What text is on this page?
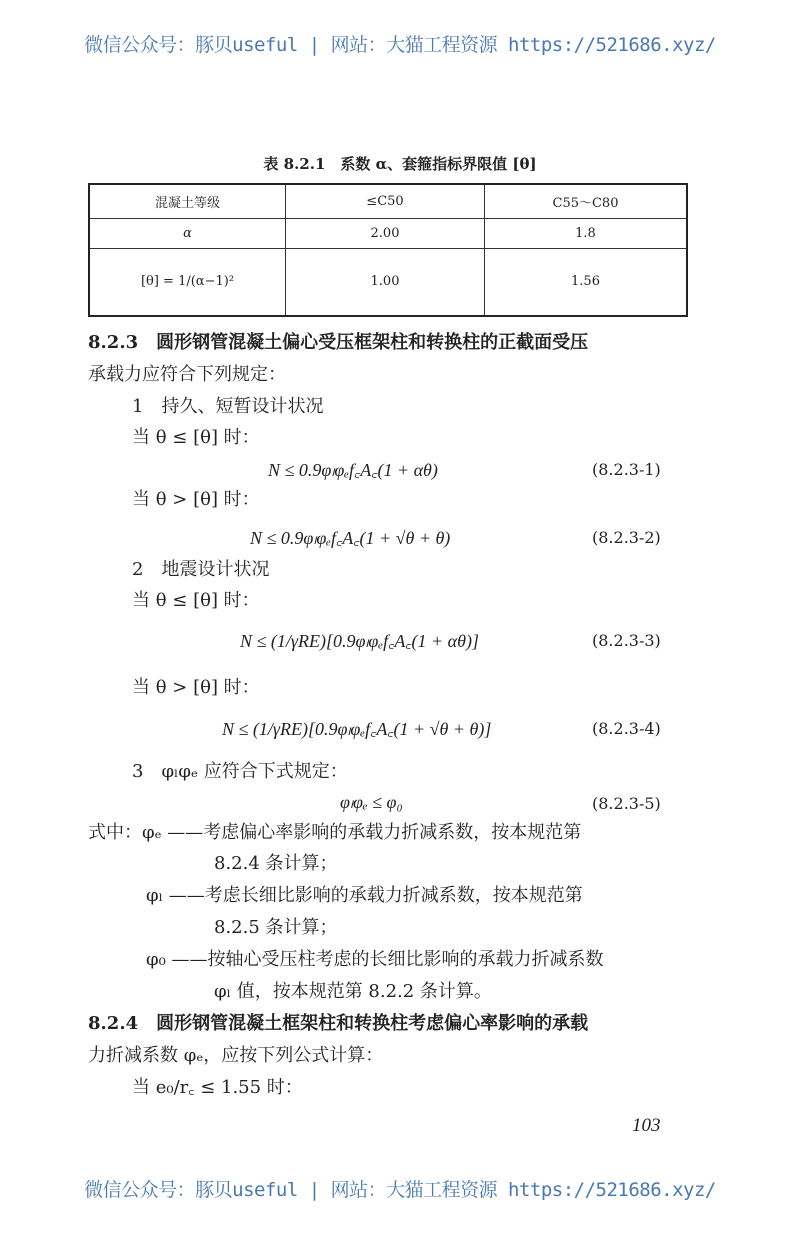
微信公众号：豚贝useful | 网站：大猫工程资源 https://521686.xyz/
表 8.2.1　系数 α、套箍指标界限值 [θ]
混凝土等级	≤C50	C55～C80
α	2.00	1.8
[θ] = 1/(α−1)²	1.00	1.56
8.2.3　圆形钢管混凝土偏心受压框架柱和转换柱的正截面受压
承载力应符合下列规定：
1　持久、短暂设计状况
当 θ ≤ [θ] 时：
N ≤ 0.9φₗφₑf꜀A꜀(1 + αθ)	(8.2.3-1)
当 θ > [θ] 时：
N ≤ 0.9φₗφₑf꜀A꜀(1 + √θ + θ)	(8.2.3-2)
2　地震设计状况
当 θ ≤ [θ] 时：
N ≤ (1/γRE)[0.9φₗφₑf꜀A꜀(1 + αθ)]	(8.2.3-3)
当 θ > [θ] 时：
N ≤ (1/γRE)[0.9φₗφₑf꜀A꜀(1 + √θ + θ)]	(8.2.3-4)
3　φₗφₑ 应符合下式规定：
φₗφₑ ≤ φ₀	(8.2.3-5)
式中：φₑ ——考虑偏心率影响的承载力折减系数，按本规范第
8.2.4 条计算；
φₗ ——考虑长细比影响的承载力折减系数，按本规范第
8.2.5 条计算；
φ₀ ——按轴心受压柱考虑的长细比影响的承载力折减系数
φₗ 值，按本规范第 8.2.2 条计算。
8.2.4　圆形钢管混凝土框架柱和转换柱考虑偏心率影响的承载
力折减系数 φₑ，应按下列公式计算：
当 e₀/r꜀ ≤ 1.55 时：
103
微信公众号：豚贝useful | 网站：大猫工程资源 https://521686.xyz/
